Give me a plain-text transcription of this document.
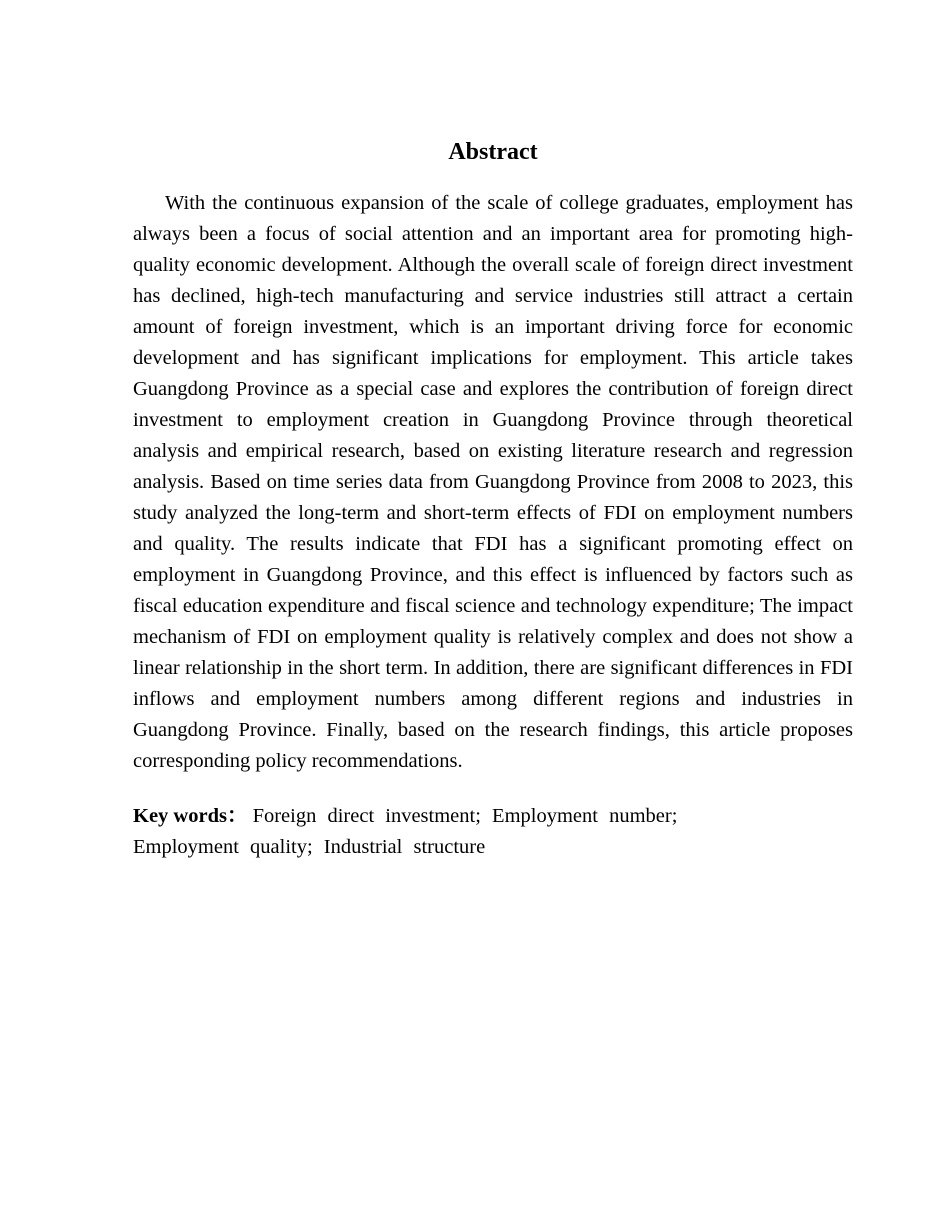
Abstract

With the continuous expansion of the scale of college graduates, employment has always been a focus of social attention and an important area for promoting high-quality economic development. Although the overall scale of foreign direct investment has declined, high-tech manufacturing and service industries still attract a certain amount of foreign investment, which is an important driving force for economic development and has significant implications for employment. This article takes Guangdong Province as a special case and explores the contribution of foreign direct investment to employment creation in Guangdong Province through theoretical analysis and empirical research, based on existing literature research and regression analysis. Based on time series data from Guangdong Province from 2008 to 2023, this study analyzed the long-term and short-term effects of FDI on employment numbers and quality. The results indicate that FDI has a significant promoting effect on employment in Guangdong Province, and this effect is influenced by factors such as fiscal education expenditure and fiscal science and technology expenditure; The impact mechanism of FDI on employment quality is relatively complex and does not show a linear relationship in the short term. In addition, there are significant differences in FDI inflows and employment numbers among different regions and industries in Guangdong Province. Finally, based on the research findings, this article proposes corresponding policy recommendations.

Key words： Foreign direct investment; Employment number; Employment quality; Industrial structure
